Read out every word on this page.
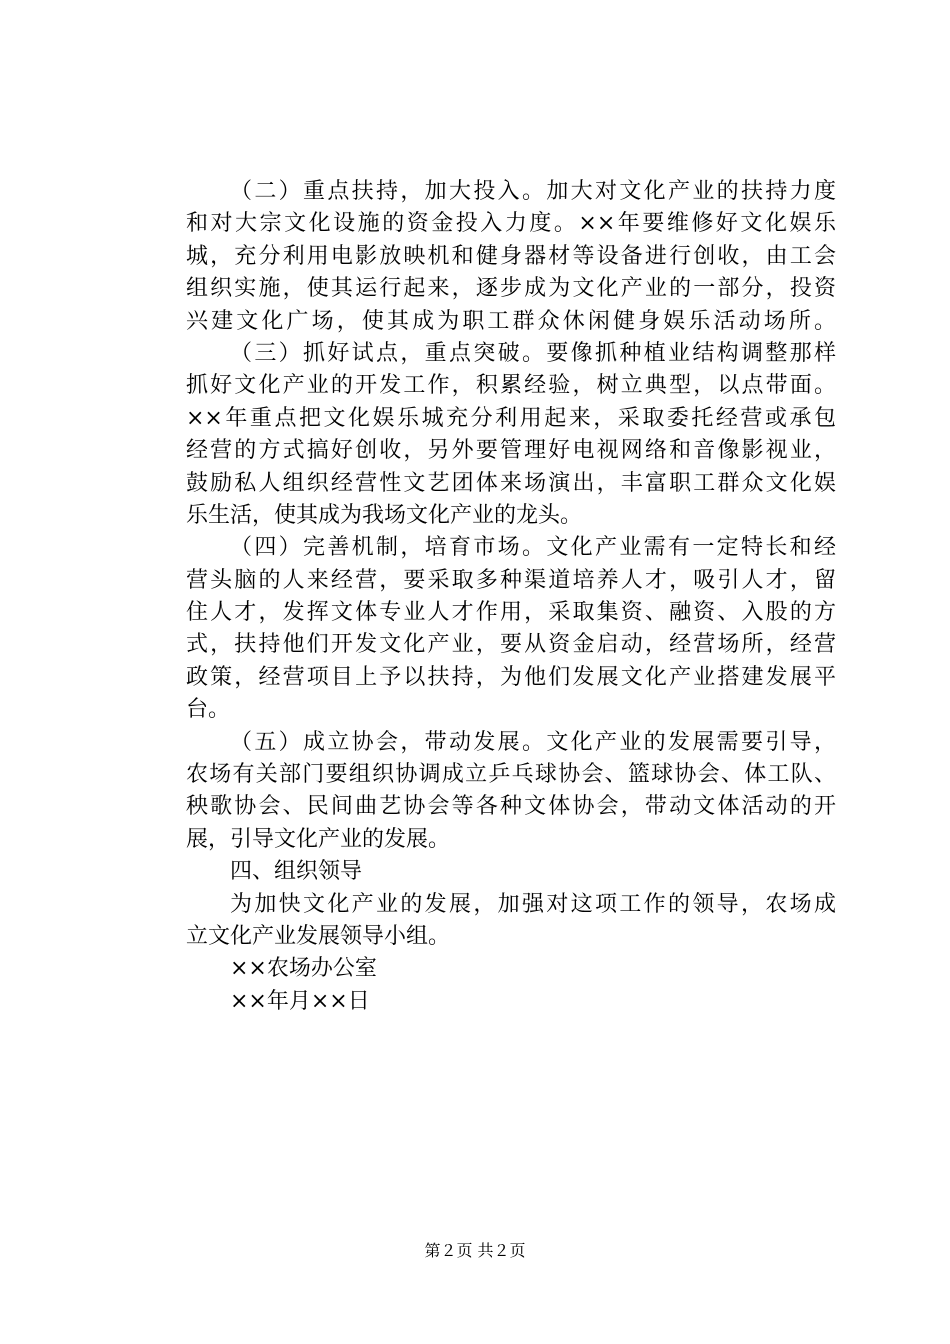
（二）重点扶持，加大投入。加大对文化产业的扶持力度
和对大宗文化设施的资金投入力度。××年要维修好文化娱乐
城，充分利用电影放映机和健身器材等设备进行创收，由工会
组织实施，使其运行起来，逐步成为文化产业的一部分，投资
兴建文化广场，使其成为职工群众休闲健身娱乐活动场所。
（三）抓好试点，重点突破。要像抓种植业结构调整那样
抓好文化产业的开发工作，积累经验，树立典型，以点带面。
××年重点把文化娱乐城充分利用起来，采取委托经营或承包
经营的方式搞好创收，另外要管理好电视网络和音像影视业，
鼓励私人组织经营性文艺团体来场演出，丰富职工群众文化娱
乐生活，使其成为我场文化产业的龙头。
（四）完善机制，培育市场。文化产业需有一定特长和经
营头脑的人来经营，要采取多种渠道培养人才，吸引人才，留
住人才，发挥文体专业人才作用，采取集资、融资、入股的方
式，扶持他们开发文化产业，要从资金启动，经营场所，经营
政策，经营项目上予以扶持，为他们发展文化产业搭建发展平
台。
（五）成立协会，带动发展。文化产业的发展需要引导，
农场有关部门要组织协调成立乒乓球协会、篮球协会、体工队、
秧歌协会、民间曲艺协会等各种文体协会，带动文体活动的开
展，引导文化产业的发展。
四、组织领导
为加快文化产业的发展，加强对这项工作的领导，农场成
立文化产业发展领导小组。
××农场办公室
××年月××日
第２页 共２页
